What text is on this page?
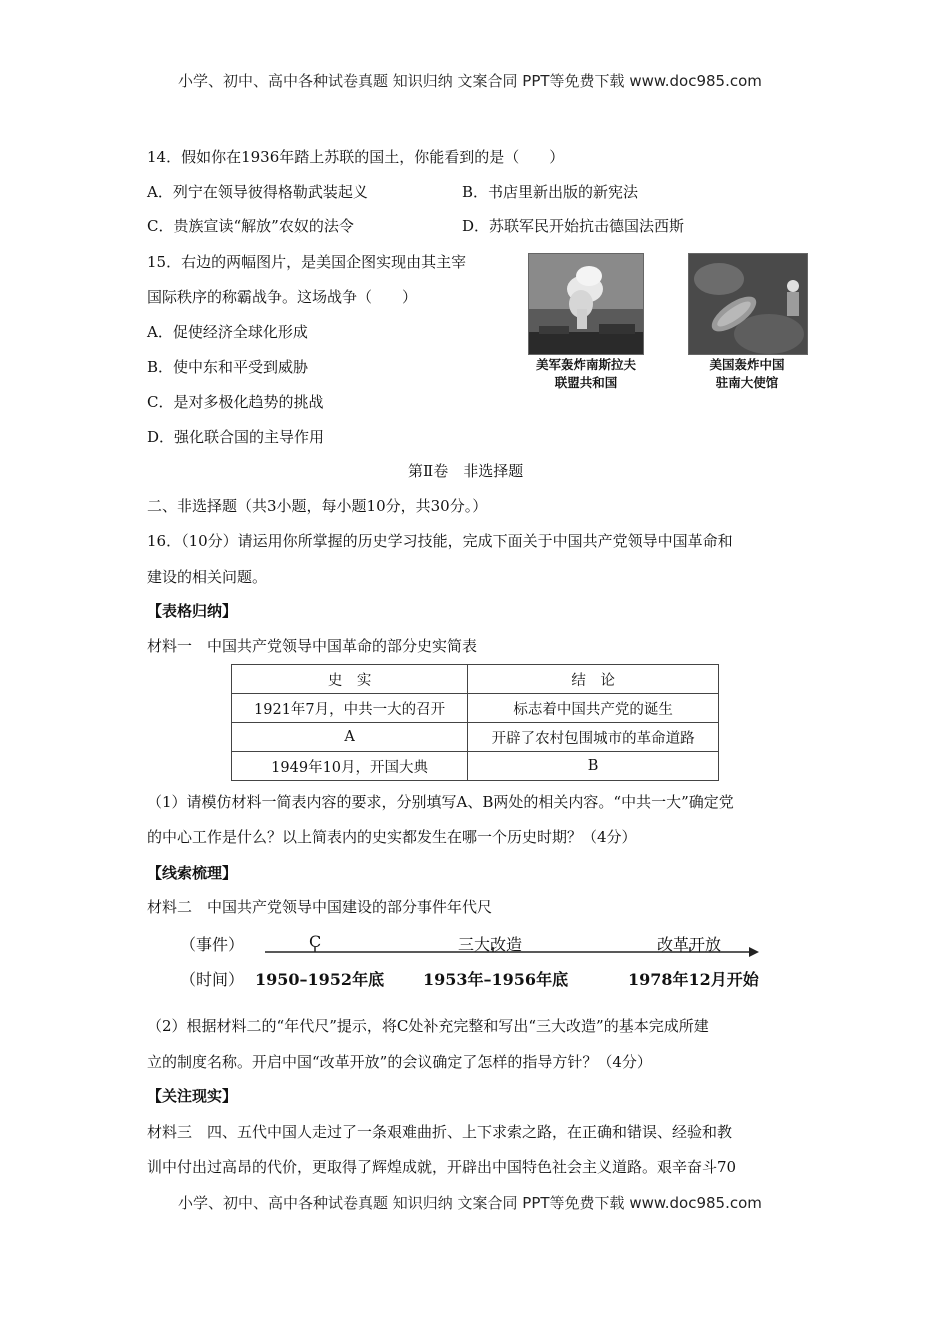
小学、初中、高中各种试卷真题 知识归纳 文案合同 PPT等免费下载 www.doc985.com
14．假如你在1936年踏上苏联的国土，你能看到的是（　　）
A．列宁在领导彼得格勒武装起义	B．书店里新出版的新宪法
C．贵族宣读“解放”农奴的法令	D．苏联军民开始抗击德国法西斯
15．右边的两幅图片，是美国企图实现由其主宰
国际秩序的称霸战争。这场战争（　　）
A．促使经济全球化形成
B．使中东和平受到威胁
C．是对多极化趋势的挑战
D．强化联合国的主导作用
美军轰炸南斯拉夫
联盟共和国
美国轰炸中国
驻南大使馆
第Ⅱ卷　非选择题
二、非选择题（共3小题，每小题10分，共30分。）
16．（10分）请运用你所掌握的历史学习技能，完成下面关于中国共产党领导中国革命和
建设的相关问题。
【表格归纳】
材料一　中国共产党领导中国革命的部分史实简表
史　实	结　论
1921年7月，中共一大的召开	标志着中国共产党的诞生
A	开辟了农村包围城市的革命道路
1949年10月，开国大典	B
（1）请模仿材料一简表内容的要求，分别填写A、B两处的相关内容。“中共一大”确定党
的中心工作是什么？以上简表内的史实都发生在哪一个历史时期？（4分）
【线索梳理】
材料二　中国共产党领导中国建设的部分事件年代尺
（事件）
（时间）
C	三大改造	改革开放
1950–1952年底 1953年–1956年底	1978年12月开始
（2）根据材料二的“年代尺”提示，将C处补充完整和写出“三大改造”的基本完成所建
立的制度名称。开启中国“改革开放”的会议确定了怎样的指导方针？（4分）
【关注现实】
材料三　四、五代中国人走过了一条艰难曲折、上下求索之路，在正确和错误、经验和教
训中付出过高昂的代价，更取得了辉煌成就，开辟出中国特色社会主义道路。艰辛奋斗70
小学、初中、高中各种试卷真题 知识归纳 文案合同 PPT等免费下载 www.doc985.com
